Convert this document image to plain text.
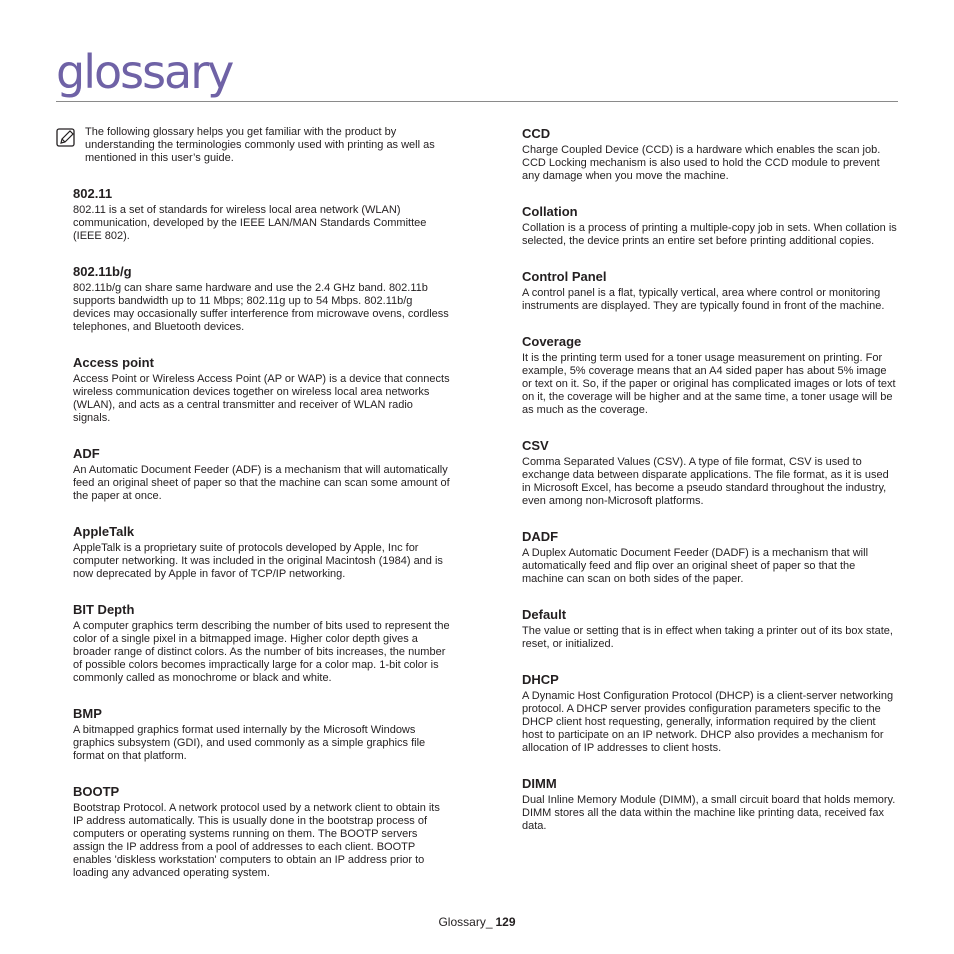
glossary

The following glossary helps you get familiar with the product by understanding the terminologies commonly used with printing as well as mentioned in this user’s guide.

802.11

802.11 is a set of standards for wireless local area network (WLAN) communication, developed by the IEEE LAN/MAN Standards Committee (IEEE 802).

802.11b/g

802.11b/g can share same hardware and use the 2.4 GHz band. 802.11b supports bandwidth up to 11 Mbps; 802.11g up to 54 Mbps. 802.11b/g devices may occasionally suffer interference from microwave ovens, cordless telephones, and Bluetooth devices.

Access point

Access Point or Wireless Access Point (AP or WAP) is a device that connects wireless communication devices together on wireless local area networks (WLAN), and acts as a central transmitter and receiver of WLAN radio signals.

ADF

An Automatic Document Feeder (ADF) is a mechanism that will automatically feed an original sheet of paper so that the machine can scan some amount of the paper at once.

AppleTalk

AppleTalk is a proprietary suite of protocols developed by Apple, Inc for computer networking. It was included in the original Macintosh (1984) and is now deprecated by Apple in favor of TCP/IP networking.

BIT Depth

A computer graphics term describing the number of bits used to represent the color of a single pixel in a bitmapped image. Higher color depth gives a broader range of distinct colors. As the number of bits increases, the number of possible colors becomes impractically large for a color map. 1-bit color is commonly called as monochrome or black and white.

BMP

A bitmapped graphics format used internally by the Microsoft Windows graphics subsystem (GDI), and used commonly as a simple graphics file format on that platform.

BOOTP

Bootstrap Protocol. A network protocol used by a network client to obtain its IP address automatically. This is usually done in the bootstrap process of computers or operating systems running on them. The BOOTP servers assign the IP address from a pool of addresses to each client. BOOTP enables 'diskless workstation' computers to obtain an IP address prior to loading any advanced operating system.

CCD

Charge Coupled Device (CCD) is a hardware which enables the scan job. CCD Locking mechanism is also used to hold the CCD module to prevent any damage when you move the machine.

Collation

Collation is a process of printing a multiple-copy job in sets. When collation is selected, the device prints an entire set before printing additional copies.

Control Panel

A control panel is a flat, typically vertical, area where control or monitoring instruments are displayed. They are typically found in front of the machine.

Coverage

It is the printing term used for a toner usage measurement on printing. For example, 5% coverage means that an A4 sided paper has about 5% image or text on it. So, if the paper or original has complicated images or lots of text on it, the coverage will be higher and at the same time, a toner usage will be as much as the coverage.

CSV

Comma Separated Values (CSV). A type of file format, CSV is used to exchange data between disparate applications. The file format, as it is used in Microsoft Excel, has become a pseudo standard throughout the industry, even among non-Microsoft platforms.

DADF

A Duplex Automatic Document Feeder (DADF) is a mechanism that will automatically feed and flip over an original sheet of paper so that the machine can scan on both sides of the paper.

Default

The value or setting that is in effect when taking a printer out of its box state, reset, or initialized.

DHCP

A Dynamic Host Configuration Protocol (DHCP) is a client-server networking protocol. A DHCP server provides configuration parameters specific to the DHCP client host requesting, generally, information required by the client host to participate on an IP network. DHCP also provides a mechanism for allocation of IP addresses to client hosts.

DIMM

Dual Inline Memory Module (DIMM), a small circuit board that holds memory. DIMM stores all the data within the machine like printing data, received fax data.

Glossary_ 129
